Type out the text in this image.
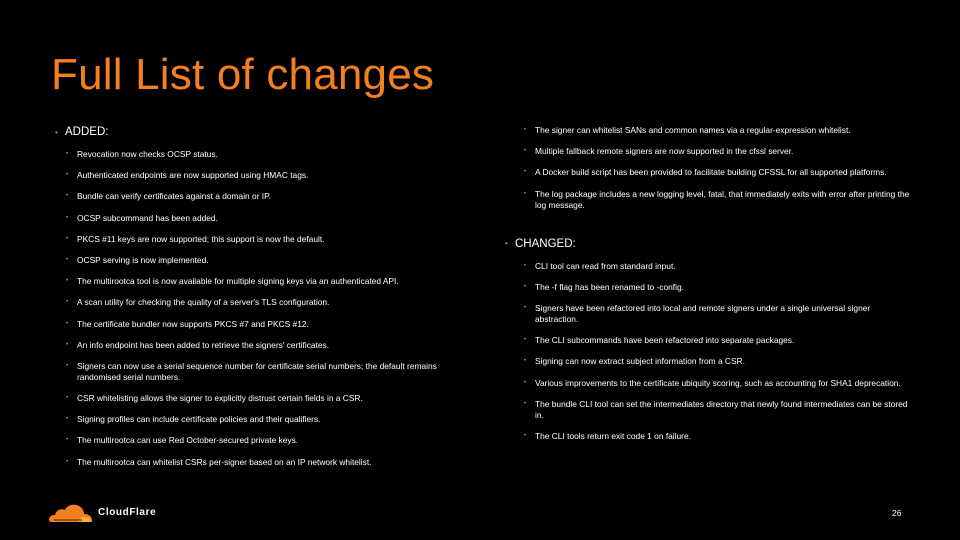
Full List of changes
• ADDED:
•	Revocation now checks OCSP status.
•	Authenticated endpoints are now supported using HMAC tags.
•	Bundle can verify certificates against a domain or IP.
•	OCSP subcommand has been added.
•	PKCS #11 keys are now supported; this support is now the default.
•	OCSP serving is now implemented.
•	The multirootca tool is now available for multiple signing keys via an authenticated API.
•	A scan utility for checking the quality of a server's TLS configuration.
•	The certificate bundler now supports PKCS #7 and PKCS #12.
•	An info endpoint has been added to retrieve the signers' certificates.
•	Signers can now use a serial sequence number for certificate serial numbers; the default remains randomised serial numbers.
•	CSR whitelisting allows the signer to explicitly distrust certain fields in a CSR.
•	Signing profiles can include certificate policies and their qualifiers.
•	The multirootca can use Red October-secured private keys.
•	The multirootca can whitelist CSRs per-signer based on an IP network whitelist.
•	The signer can whitelist SANs and common names via a regular-expression whitelist.
•	Multiple fallback remote signers are now supported in the cfssl server.
•	A Docker build script has been provided to facilitate building CFSSL for all supported platforms.
•	The log package includes a new logging level, fatal, that immediately exits with error after printing the log message.
• CHANGED:
•	CLI tool can read from standard input.
•	The -f flag has been renamed to -config.
•	Signers have been refactored into local and remote signers under a single universal signer abstraction.
•	The CLI subcommands have been refactored into separate packages.
•	Signing can now extract subject information from a CSR.
•	Various improvements to the certificate ubiquity scoring, such as accounting for SHA1 deprecation.
•	The bundle CLI tool can set the intermediates directory that newly found intermediates can be stored in.
•	The CLI tools return exit code 1 on failure.
CloudFlare	26
